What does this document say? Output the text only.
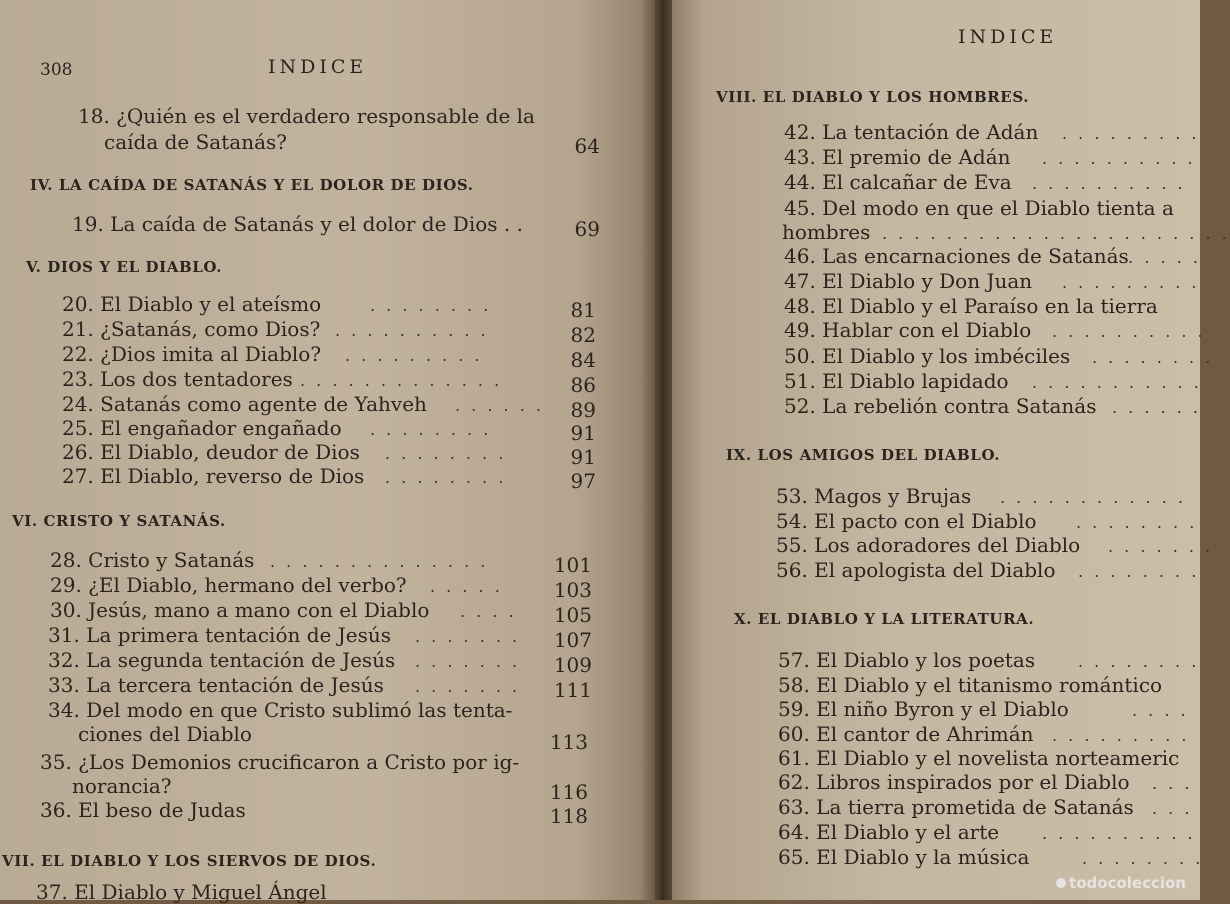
308	INDICE
18. ¿Quién es el verdadero responsable de la
caída de Satanás?	64
IV. LA CAÍDA DE SATANÁS Y EL DOLOR DE DIOS.
19. La caída de Satanás y el dolor de Dios . .	69
V. DIOS Y EL DIABLO.
20. El Diablo y el ateísmo	. . . . . . . .	81
21. ¿Satanás, como Dios? . . . . . . . . . .	82
22. ¿Dios imita al Diablo? . . . . . . . . .	84
23. Los dos tentadores . . . . . . . . . . . . .	86
24. Satanás como agente de Yahveh . . . . . .	89
25. El engañador engañado . . . . . . . .	91
26. El Diablo, deudor de Dios . . . . . . . .	91
27. El Diablo, reverso de Dios . . . . . . . .	97
VI. CRISTO Y SATANÁS.
28. Cristo y Satanás . . . . . . . . . . . . . .	101
29. ¿El Diablo, hermano del verbo? . . . . .	103
30. Jesús, mano a mano con el Diablo . . . .	105
31. La primera tentación de Jesús . . . . . . .	107
32. La segunda tentación de Jesús . . . . . . .	109
33. La tercera tentación de Jesús . . . . . . .	111
34. Del modo en que Cristo sublimó las tenta-
ciones del Diablo	113
35. ¿Los Demonios crucificaron a Cristo por ig-
norancia?	116
36. El beso de Judas	118
VII. EL DIABLO Y LOS SIERVOS DE DIOS.
37. El Diablo y Miguel Ángel
INDICE
VIII. EL DIABLO Y LOS HOMBRES.
42. La tentación de Adán . . . . . . . . .
43. El premio de Adán . . . . . . . . . .
44. El calcañar de Eva . . . . . . . . . .
45. Del modo en que el Diablo tienta a
hombres . . . . . . . . . . . . . . . . . . . . . .
46. Las encarnaciones de Satanás
. . . . . .
47. El Diablo y Don Juan . . . . . . . . .
48. El Diablo y el Paraíso en la tierra
49. Hablar con el Diablo . . . . . . . . . .
50. El Diablo y los imbéciles . . . . . . . .
51. El Diablo lapidado . . . . . . . . . . .
52. La rebelión contra Satanás . . . . . .
IX. LOS AMIGOS DEL DIABLO.
53. Magos y Brujas . . . . . . . . . . . .
54. El pacto con el Diablo . . . . . . . .
55. Los adoradores del Diablo . . . . . . .
56. El apologista del Diablo . . . . . . . .
X. EL DIABLO Y LA LITERATURA.
57. El Diablo y los poetas	. . . . . . . .
58. El Diablo y el titanismo romántico
59. El niño Byron y el Diablo	. . . .
60. El cantor de Ahrimán . . . . . . . . .
61. El Diablo y el novelista norteameric
62. Libros inspirados por el Diablo . . .
63. La tierra prometida de Satanás . . .
64. El Diablo y el arte	. . . . . . . . . .
65. El Diablo y la música	. . . . . . . .
todocoleccion
